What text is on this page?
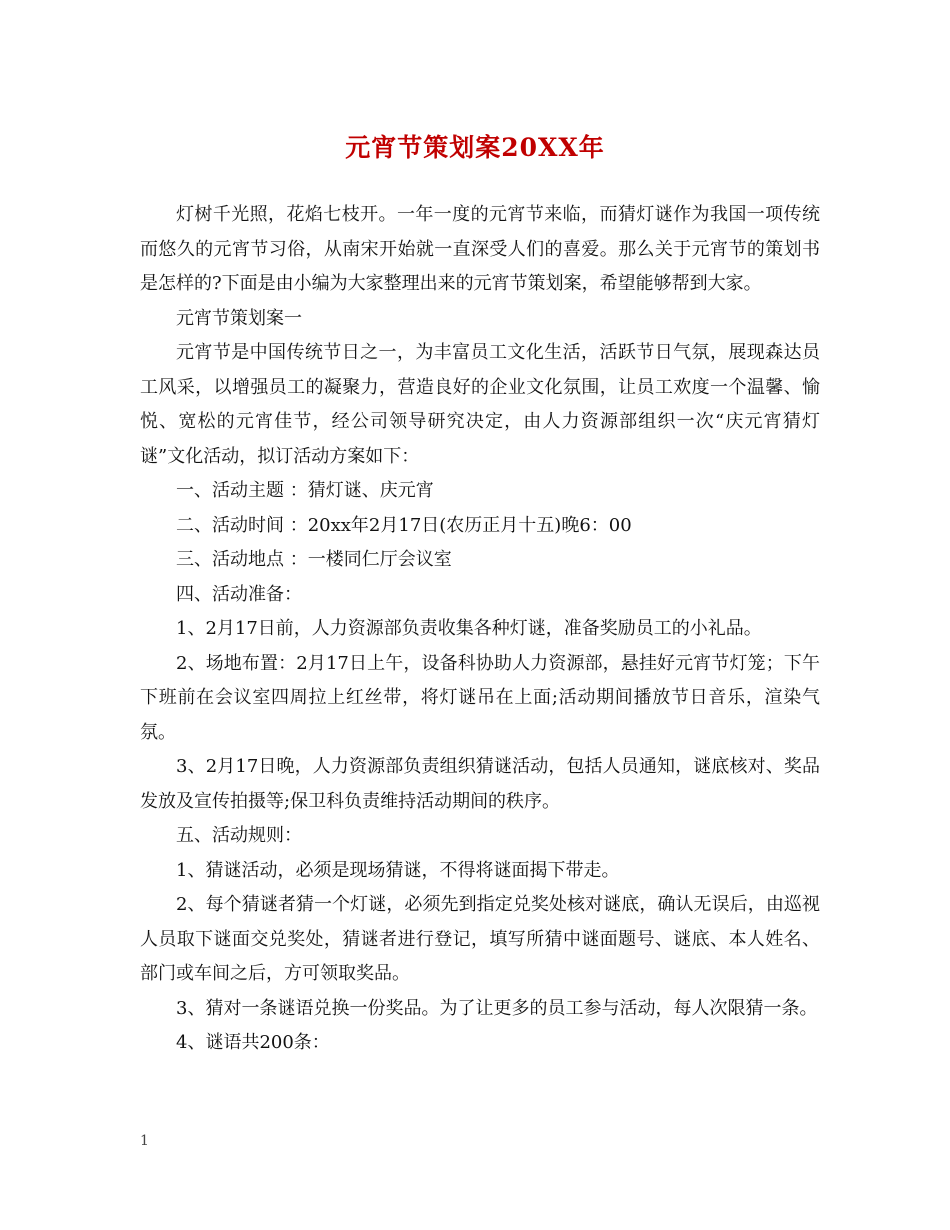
元宵节策划案20XX年

灯树千光照，花焰七枝开。一年一度的元宵节来临，而猜灯谜作为我国一项传统而悠久的元宵节习俗，从南宋开始就一直深受人们的喜爱。那么关于元宵节的策划书是怎样的?下面是由小编为大家整理出来的元宵节策划案，希望能够帮到大家。

元宵节策划案一

元宵节是中国传统节日之一，为丰富员工文化生活，活跃节日气氛，展现森达员工风采，以增强员工的凝聚力，营造良好的企业文化氛围，让员工欢度一个温馨、愉悦、宽松的元宵佳节，经公司领导研究决定，由人力资源部组织一次“庆元宵猜灯谜”文化活动，拟订活动方案如下：

一、活动主题 ：猜灯谜、庆元宵

二、活动时间 ：20xx年2月17日(农历正月十五)晚6：00

三、活动地点 ：一楼同仁厅会议室

四、活动准备：

1、2月17日前，人力资源部负责收集各种灯谜，准备奖励员工的小礼品。

2、场地布置：2月17日上午，设备科协助人力资源部，悬挂好元宵节灯笼；下午下班前在会议室四周拉上红丝带，将灯谜吊在上面;活动期间播放节日音乐，渲染气氛。

3、2月17日晚，人力资源部负责组织猜谜活动，包括人员通知，谜底核对、奖品发放及宣传拍摄等;保卫科负责维持活动期间的秩序。

五、活动规则：

1、猜谜活动，必须是现场猜谜，不得将谜面揭下带走。

2、每个猜谜者猜一个灯谜，必须先到指定兑奖处核对谜底，确认无误后，由巡视人员取下谜面交兑奖处，猜谜者进行登记，填写所猜中谜面题号、谜底、本人姓名、部门或车间之后，方可领取奖品。

3、猜对一条谜语兑换一份奖品。为了让更多的员工参与活动，每人次限猜一条。

4、谜语共200条：

1
